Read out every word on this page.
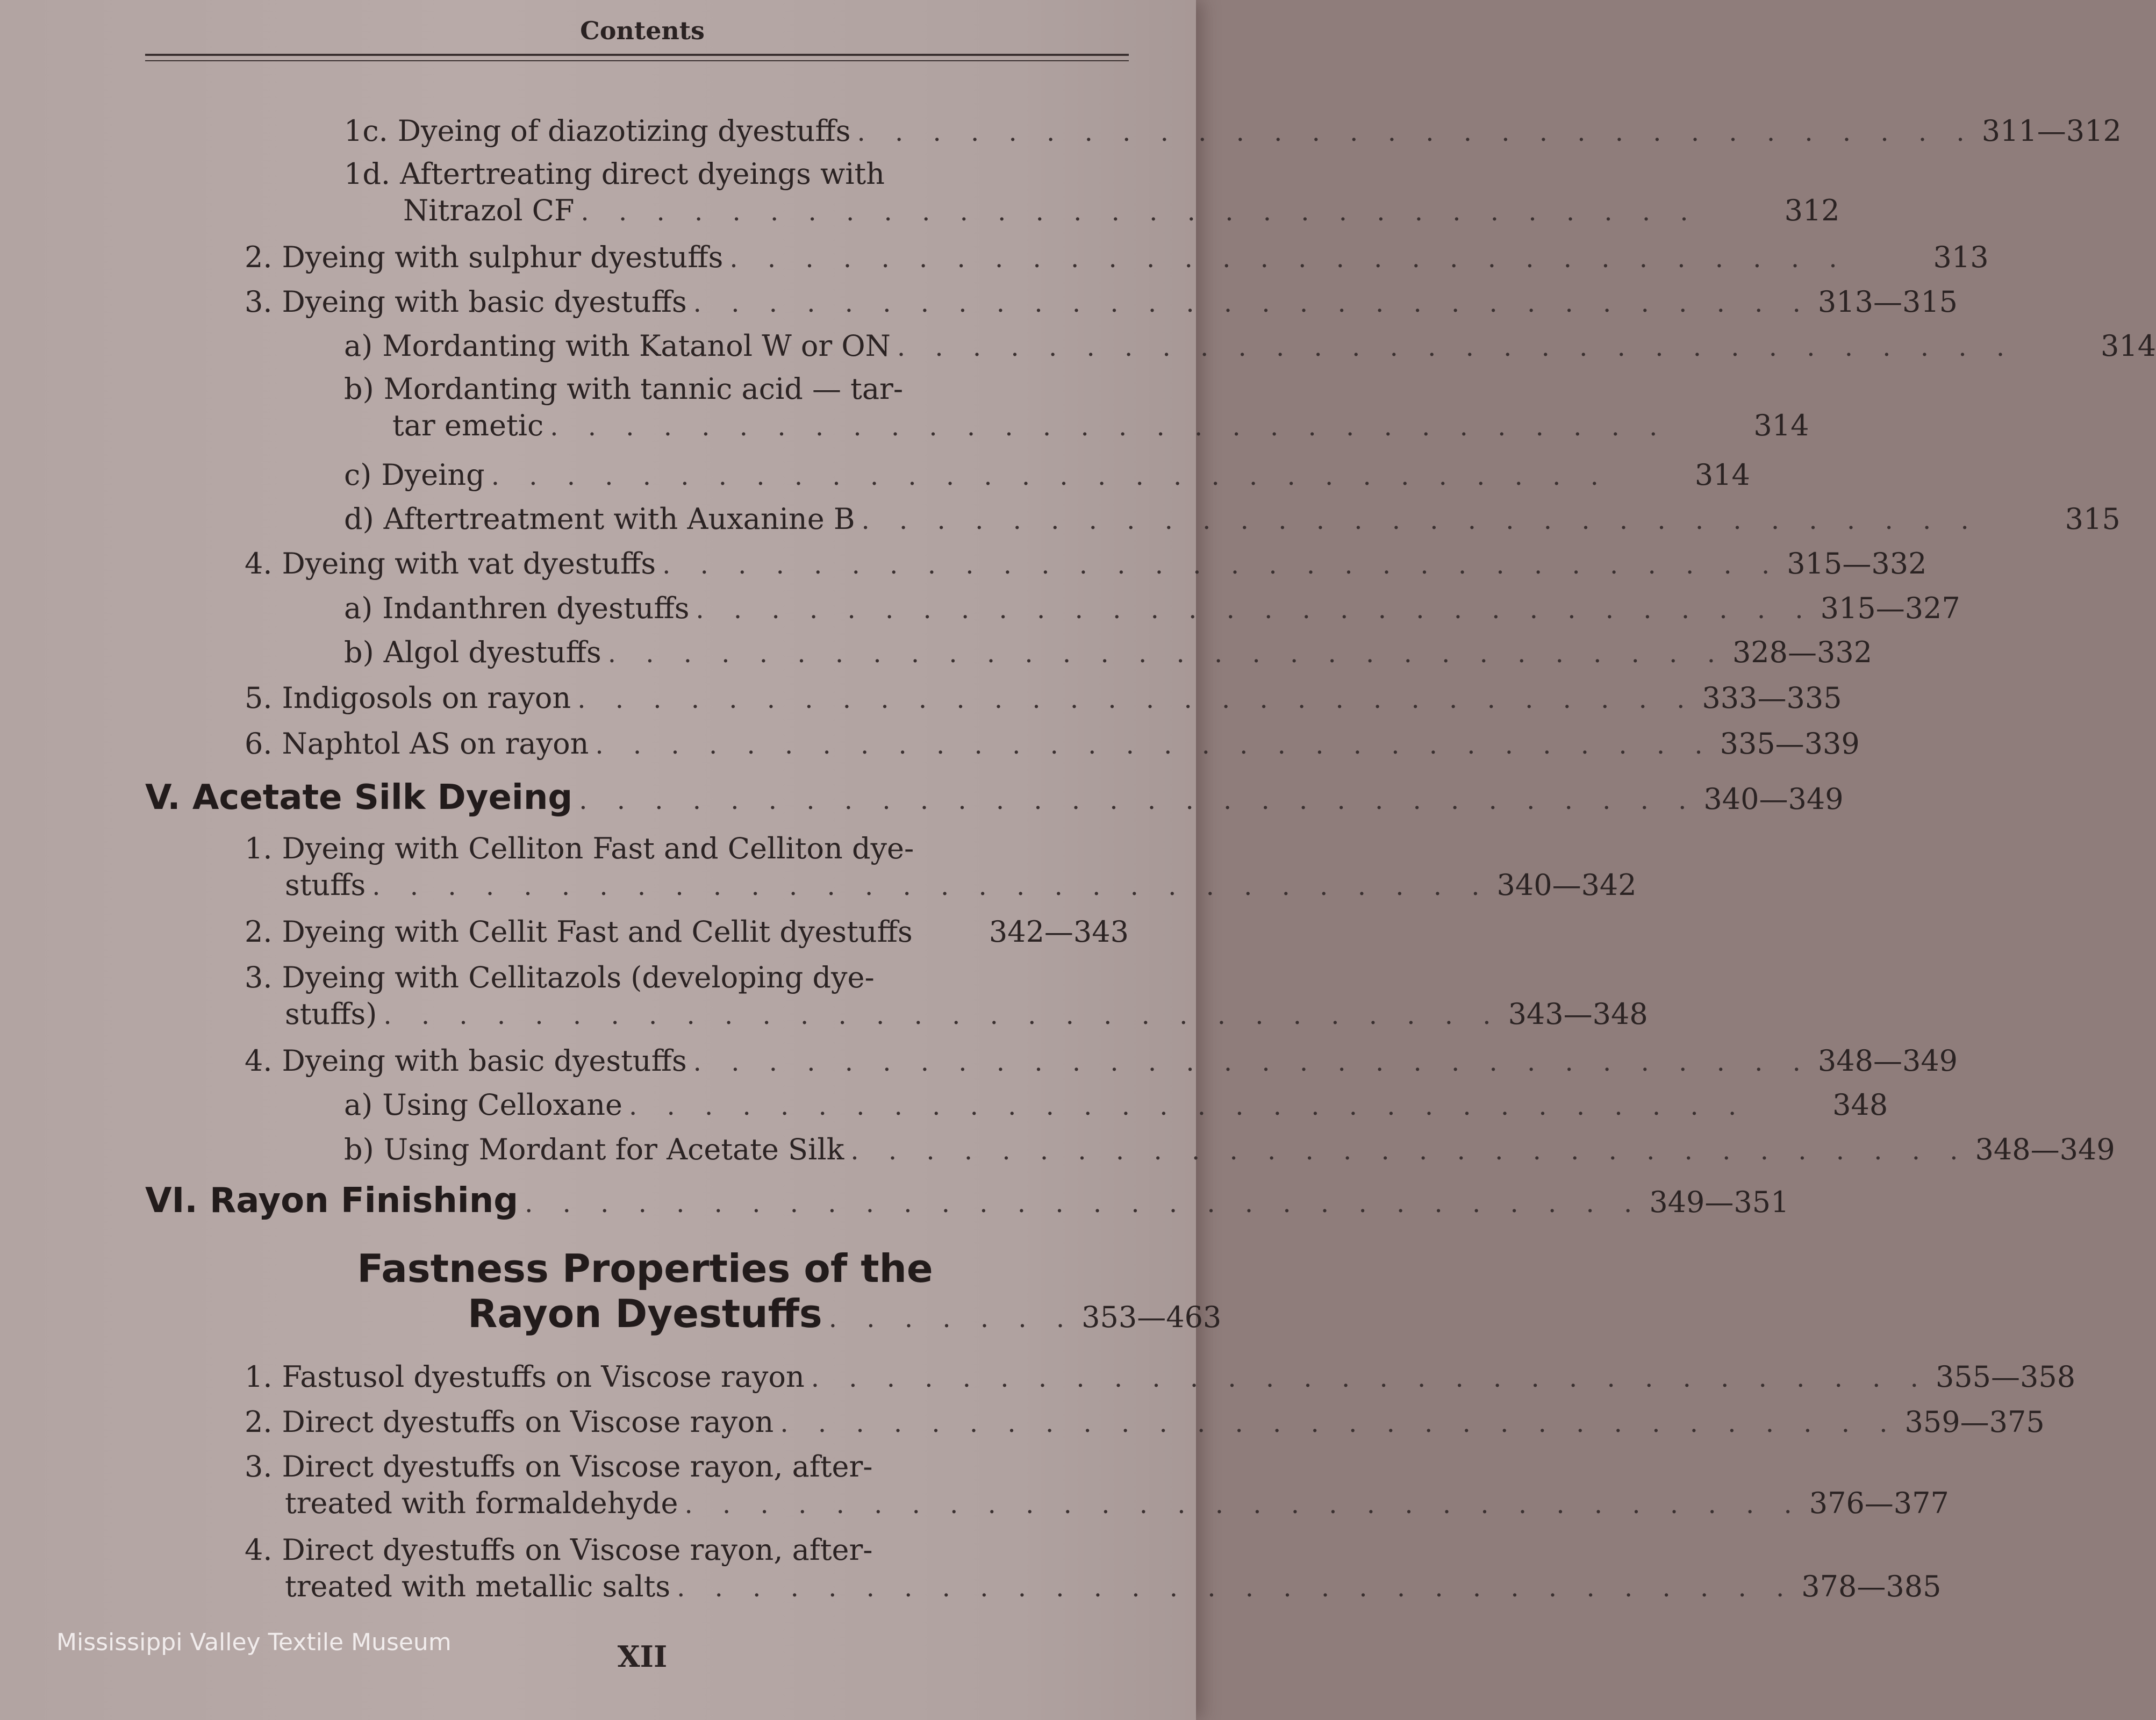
Contents
1c. Dyeing of diazotizing dyestuffs . . . . . . . . . . . . . . . . . . . . . . . . . . . . . . 311—312
1d. Aftertreating direct dyeings with
Nitrazol CF . . . . . . . . . . . . . . . . . . . . . . . . . . . . . .	312
2. Dyeing with sulphur dyestuffs . . . . . . . . . . . . . . . . . . . . . . . . . . . . . .	313
3. Dyeing with basic dyestuffs . . . . . . . . . . . . . . . . . . . . . . . . . . . . . . 313—315
a) Mordanting with Katanol W or ON . . . . . . . . . . . . . . . . . . . . . . . . . . . . . .	314
b) Mordanting with tannic acid — tar-
tar emetic . . . . . . . . . . . . . . . . . . . . . . . . . . . . . .	314
c) Dyeing . . . . . . . . . . . . . . . . . . . . . . . . . . . . . .	314
d) Aftertreatment with Auxanine B . . . . . . . . . . . . . . . . . . . . . . . . . . . . . .	315
4. Dyeing with vat dyestuffs . . . . . . . . . . . . . . . . . . . . . . . . . . . . . . 315—332
a) Indanthren dyestuffs . . . . . . . . . . . . . . . . . . . . . . . . . . . . . . 315—327
b) Algol dyestuffs . . . . . . . . . . . . . . . . . . . . . . . . . . . . . . 328—332
5. Indigosols on rayon . . . . . . . . . . . . . . . . . . . . . . . . . . . . . . 333—335
6. Naphtol AS on rayon . . . . . . . . . . . . . . . . . . . . . . . . . . . . . . 335—339
V. Acetate Silk Dyeing . . . . . . . . . . . . . . . . . . . . . . . . . . . . . . 340—349
1. Dyeing with Celliton Fast and Celliton dye-
stuffs . . . . . . . . . . . . . . . . . . . . . . . . . . . . . . 340—342
2. Dyeing with Cellit Fast and Cellit dyestuffs	342—343
3. Dyeing with Cellitazols (developing dye-
stuffs) . . . . . . . . . . . . . . . . . . . . . . . . . . . . . . 343—348
4. Dyeing with basic dyestuffs . . . . . . . . . . . . . . . . . . . . . . . . . . . . . . 348—349
a) Using Celloxane . . . . . . . . . . . . . . . . . . . . . . . . . . . . . .	348
b) Using Mordant for Acetate Silk . . . . . . . . . . . . . . . . . . . . . . . . . . . . . . 348—349
VI. Rayon Finishing . . . . . . . . . . . . . . . . . . . . . . . . . . . . . . 349—351
Fastness Properties of the
Rayon Dyestuffs . . . . . . . 353—463
1. Fastusol dyestuffs on Viscose rayon . . . . . . . . . . . . . . . . . . . . . . . . . . . . . . 355—358
2. Direct dyestuffs on Viscose rayon . . . . . . . . . . . . . . . . . . . . . . . . . . . . . . 359—375
3. Direct dyestuffs on Viscose rayon, after-
treated with formaldehyde . . . . . . . . . . . . . . . . . . . . . . . . . . . . . . 376—377
4. Direct dyestuffs on Viscose rayon, after-
treated with metallic salts . . . . . . . . . . . . . . . . . . . . . . . . . . . . . . 378—385
Mississippi Valley Textile Museum	XII
